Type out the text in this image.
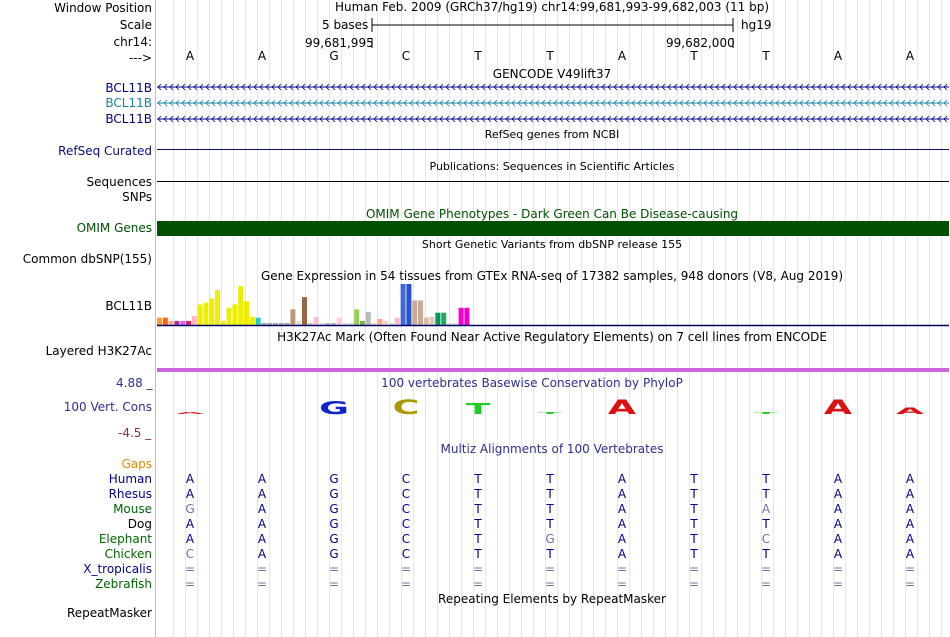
Window Position
Scale
chr14:
--->
Human Feb. 2009 (GRCh37/hg19) chr14:99,681,993-99,682,003 (11 bp)
5 bases	hg19
99,681,995	99,682,000
A	A	G	C	T	T	A	T	T	A	A
GENCODE V49lift37
BCL11B
BCL11B
BCL11B
RefSeq genes from NCBI
RefSeq Curated
Publications: Sequences in Scientific Articles
Sequences
SNPs
OMIM Gene Phenotypes - Dark Green Can Be Disease-causing
OMIM Genes
Short Genetic Variants from dbSNP release 155
Common dbSNP(155)
Gene Expression in 54 tissues from GTEx RNA-seq of 17382 samples, 948 donors (V8, Aug 2019)
BCL11B
H3K27Ac Mark (Often Found Near Active Regulatory Elements) on 7 cell lines from ENCODE
Layered H3K27Ac
4.88 _	100 vertebrates Basewise Conservation by PhyloP
100 Vert. Cons
-4.5 _
A	G	C	T	T	A	T	A	A
Multiz Alignments of 100 Vertebrates
Gaps
Human	A	A	G	C	T	T	A	T	T	A	A
Rhesus	A	A	G	C	T	T	A	T	T	A	A
Mouse	G	A	G	C	T	T	A	T	A	A	A
Dog	A	A	G	C	T	T	A	T	T	A	A
Elephant	A	A	G	C	T	G	A	T	C	A	A
Chicken	C	A	G	C	T	T	A	T	T	A	A
X_tropicalis	=	=	=	=	=	=	=	=	=	=	=
Zebrafish	=	=	=	=	=	=	=	=	=	=	=
Repeating Elements by RepeatMasker
RepeatMasker
